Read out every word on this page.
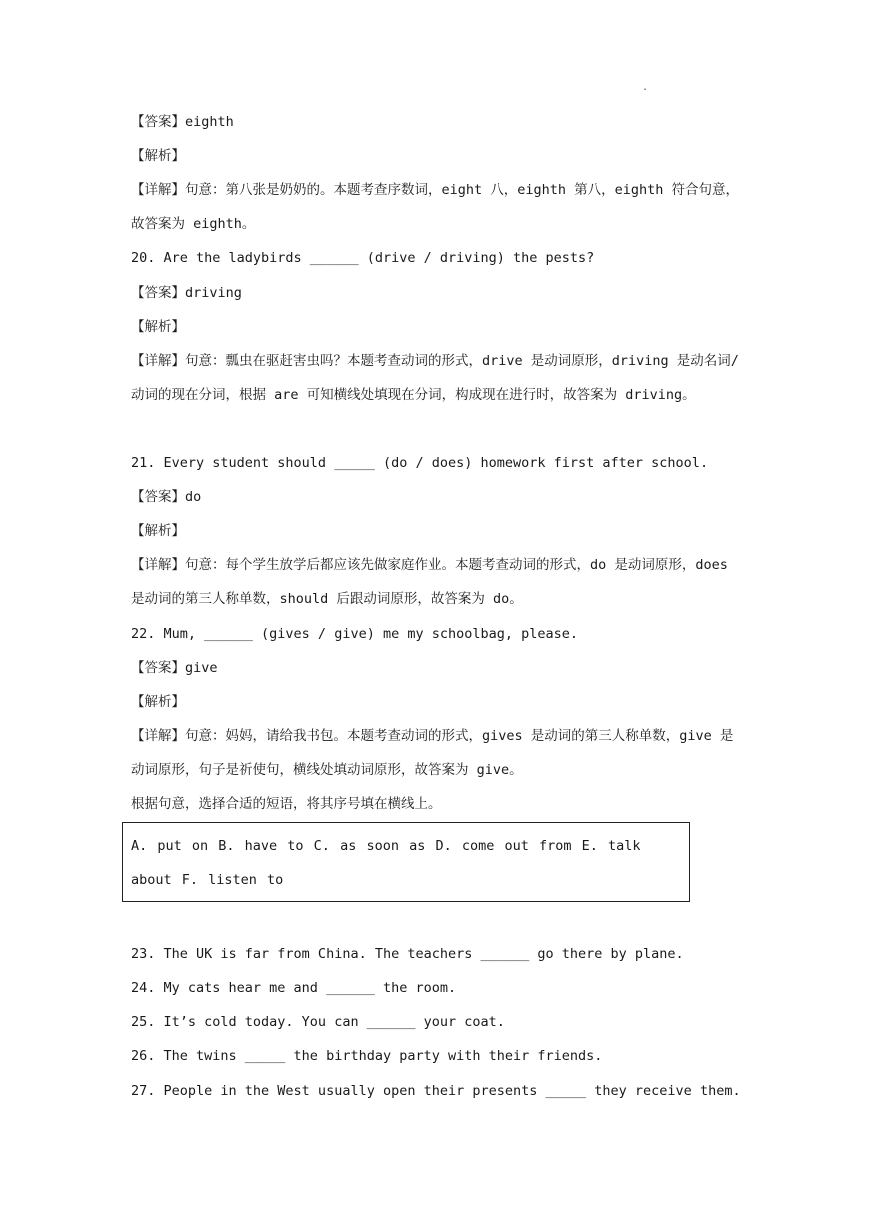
.
【答案】eighth
【解析】
【详解】句意：第八张是奶奶的。本题考查序数词，eight 八，eighth 第八，eighth 符合句意，故答案为 eighth。
20. Are the ladybirds ______ (drive / driving) the pests?
【答案】driving
【解析】
【详解】句意：瓢虫在驱赶害虫吗？本题考查动词的形式，drive 是动词原形，driving 是动名词/动词的现在分词，根据 are 可知横线处填现在分词，构成现在进行时，故答案为 driving。
21. Every student should _____ (do / does) homework first after school.
【答案】do
【解析】
【详解】句意：每个学生放学后都应该先做家庭作业。本题考查动词的形式，do 是动词原形，does 是动词的第三人称单数，should 后跟动词原形，故答案为 do。
22. Mum, ______ (gives / give) me my schoolbag, please.
【答案】give
【解析】
【详解】句意：妈妈，请给我书包。本题考查动词的形式，gives 是动词的第三人称单数，give 是动词原形，句子是祈使句，横线处填动词原形，故答案为 give。
根据句意，选择合适的短语，将其序号填在横线上。
A. put on B. have to C. as soon as D. come out from E. talk about F. listen to
23. The UK is far from China. The teachers ______ go there by plane.
24. My cats hear me and ______ the room.
25. It’s cold today. You can ______ your coat.
26. The twins _____ the birthday party with their friends.
27. People in the West usually open their presents _____ they receive them.
